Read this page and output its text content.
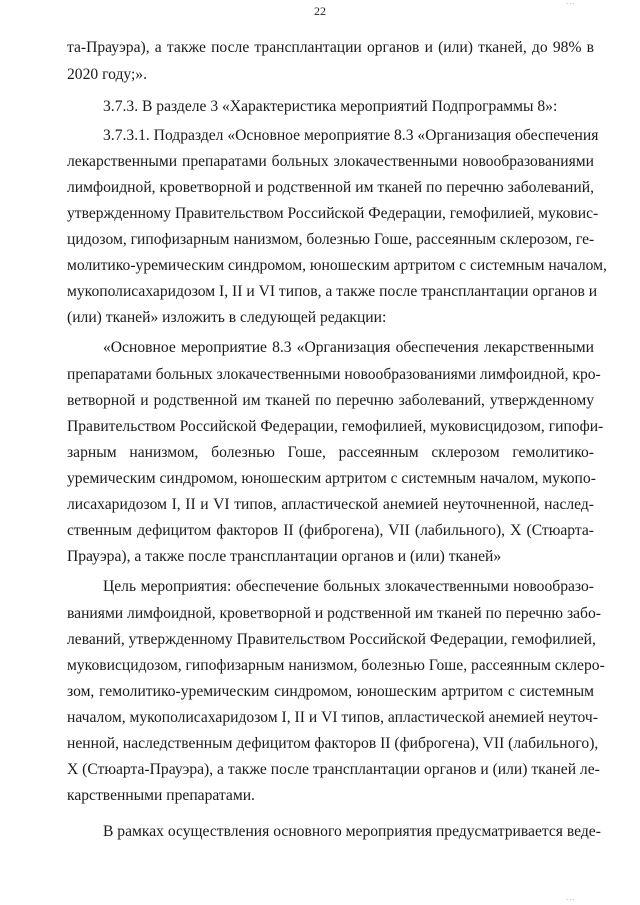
22
та-Прауэра), а также после трансплантации органов и (или) тканей, до 98% в
2020 году;».
3.7.3. В разделе 3 «Характеристика мероприятий Подпрограммы 8»:
3.7.3.1. Подраздел «Основное мероприятие 8.3 «Организация обеспечения
лекарственными препаратами больных злокачественными новообразованиями
лимфоидной, кроветворной и родственной им тканей по перечню заболеваний,
утвержденному Правительством Российской Федерации, гемофилией, муковис-
цидозом, гипофизарным нанизмом, болезнью Гоше, рассеянным склерозом, ге-
молитико-уремическим синдромом, юношеским артритом с системным началом,
мукополисахаридозом I, II и VI типов, а также после трансплантации органов и
(или) тканей» изложить в следующей редакции:
«Основное мероприятие 8.3 «Организация обеспечения лекарственными
препаратами больных злокачественными новообразованиями лимфоидной, кро-
ветворной и родственной им тканей по перечню заболеваний, утвержденному
Правительством Российской Федерации, гемофилией, муковисцидозом, гипофи-
зарным нанизмом, болезнью Гоше, рассеянным склерозом гемолитико-
уремическим синдромом, юношеским артритом с системным началом, мукопо-
лисахаридозом I, II и VI типов, апластической анемией неуточненной, наслед-
ственным дефицитом факторов II (фиброгена), VII (лабильного), X (Стюарта-
Прауэра), а также после трансплантации органов и (или) тканей»
Цель мероприятия: обеспечение больных злокачественными новообразо-
ваниями лимфоидной, кроветворной и родственной им тканей по перечню забо-
леваний, утвержденному Правительством Российской Федерации, гемофилией,
муковисцидозом, гипофизарным нанизмом, болезнью Гоше, рассеянным склеро-
зом, гемолитико-уремическим синдромом, юношеским артритом с системным
началом, мукополисахаридозом I, II и VI типов, апластической анемией неуточ-
ненной, наследственным дефицитом факторов II (фиброгена), VII (лабильного),
X (Стюарта-Прауэра), а также после трансплантации органов и (или) тканей ле-
карственными препаратами.
В рамках осуществления основного мероприятия предусматривается веде-
·∙·
·∙·
